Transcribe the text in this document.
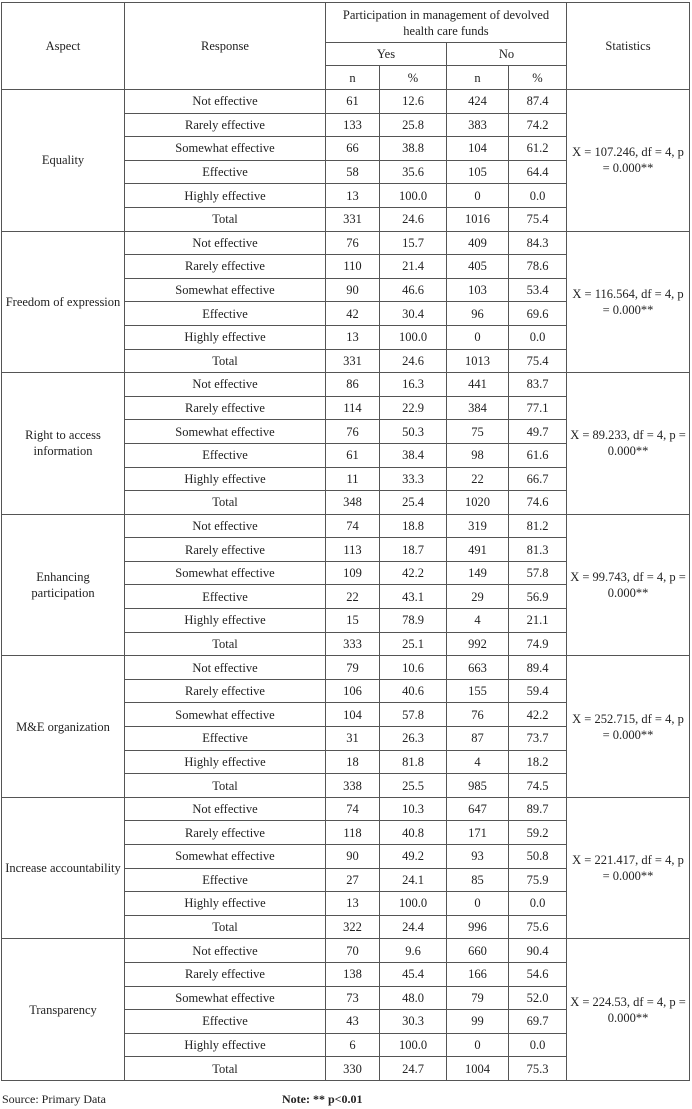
Aspect	Response	Participation in management of devolved health care funds				Statistics
		Yes		No		
		n	%	n	%	
Equality	Not effective	61	12.6	424	87.4	X = 107.246, df = 4, p = 0.000**
	Rarely effective	133	25.8	383	74.2	
	Somewhat effective	66	38.8	104	61.2	
	Effective	58	35.6	105	64.4	
	Highly effective	13	100.0	0	0.0	
	Total	331	24.6	1016	75.4	
Freedom of expression	Not effective	76	15.7	409	84.3	X = 116.564, df = 4, p = 0.000**
	Rarely effective	110	21.4	405	78.6	
	Somewhat effective	90	46.6	103	53.4	
	Effective	42	30.4	96	69.6	
	Highly effective	13	100.0	0	0.0	
	Total	331	24.6	1013	75.4	
Right to access information	Not effective	86	16.3	441	83.7	X = 89.233, df = 4, p = 0.000**
	Rarely effective	114	22.9	384	77.1	
	Somewhat effective	76	50.3	75	49.7	
	Effective	61	38.4	98	61.6	
	Highly effective	11	33.3	22	66.7	
	Total	348	25.4	1020	74.6	
Enhancing participation	Not effective	74	18.8	319	81.2	X = 99.743, df = 4, p = 0.000**
	Rarely effective	113	18.7	491	81.3	
	Somewhat effective	109	42.2	149	57.8	
	Effective	22	43.1	29	56.9	
	Highly effective	15	78.9	4	21.1	
	Total	333	25.1	992	74.9	
M&E organization	Not effective	79	10.6	663	89.4	X = 252.715, df = 4, p = 0.000**
	Rarely effective	106	40.6	155	59.4	
	Somewhat effective	104	57.8	76	42.2	
	Effective	31	26.3	87	73.7	
	Highly effective	18	81.8	4	18.2	
	Total	338	25.5	985	74.5	
Increase accountability	Not effective	74	10.3	647	89.7	X = 221.417, df = 4, p = 0.000**
	Rarely effective	118	40.8	171	59.2	
	Somewhat effective	90	49.2	93	50.8	
	Effective	27	24.1	85	75.9	
	Highly effective	13	100.0	0	0.0	
	Total	322	24.4	996	75.6	
Transparency	Not effective	70	9.6	660	90.4	X = 224.53, df = 4, p = 0.000**
	Rarely effective	138	45.4	166	54.6	
	Somewhat effective	73	48.0	79	52.0	
	Effective	43	30.3	99	69.7	
	Highly effective	6	100.0	0	0.0	
	Total	330	24.7	1004	75.3	
Source: Primary Data	Note: ** p<0.01
